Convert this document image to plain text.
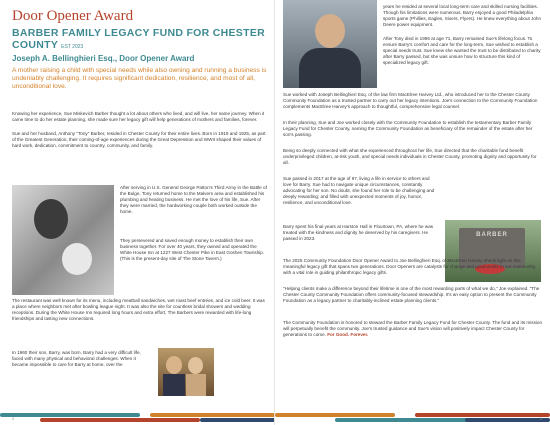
Door Opener Award
BARBER FAMILY LEGACY FUND FOR CHESTER COUNTY EST 2023
Joseph A. Bellinghieri Esq., Door Opener Award
A mother raising a child with special needs while also owning and running a business is undeniably challenging. It requires significant dedication, resilience, and most of all, unconditional love.
Knowing her experience, Sue Miskevich Barber thought a lot about others who lived, and will live, her same journey. When it came time to do her estate planning, she made sure her legacy gift will help generations of mothers and families, forever.
Sue and her husband, Anthony "Tony" Barber, resided in Chester County for their entire lives. Born in 1919 and 1925, as part of the Greatest Generation, their coming-of-age experiences during the Great Depression and WWII shaped their values of hard work, dedication, commitment to country, community, and family.
After serving in U.S. General George Patton's Third Army in the Battle of the Bulge, Tony returned home to the Malvern area and established his plumbing and heating business. He met the love of his life, Sue. After they were married, the hardworking couple both worked outside the home.
They persevered and saved enough money to establish their own business together. For over 40 years, they owned and operated the White House Inn at 1227 West Chester Pike in East Goshen Township. (This is the present-day site of The Stone Tavern.)
The restaurant was well known for its menu, including meatball sandwiches, wet roast beef entrées, and ice cold beer. It was a place where neighbors met after bowling league night. It was also the site for countless bridal showers and wedding receptions. During the White House Inn required long hours and extra effort, The Barbers were rewarded with life-long friendships and lasting new connections.
In 1960 their son, Barry, was born. Barry had a very difficult life, faced with many physical and behavioral challenges. When it became impossible to care for Barry at home, over the
2
years he resided at several local long-term care and skilled nursing facilities. Though his limitations were numerous, Barry enjoyed a good Philadelphia sports game (Phillies, Eagles, Sixers, Flyers). He knew everything about John Deere power equipment.
After Tony died in 1996 at age 71, Barry remained Sue's lifelong focus. To ensure Barry's comfort and care for the long-term, Sue wished to establish a special needs trust. Sue knew she wanted the trust to be distributed to charity after Barry passed, but she was unsure how to structure this kind of specialized legacy gift.
Sue worked with Joseph Bellinghieri Esq. of the law firm MacElree Harvey Ltd., who introduced her to the Chester County Community Foundation as a trusted partner to carry out her legacy intentions. Joe's connection to the Community Foundation complements MacElree Harvey's approach to thoughtful, comprehensive legal counsel.
In their planning, Sue and Joe worked closely with the Community Foundation to establish the testamentary Barber Family Legacy Fund for Chester County, naming the Community Foundation as beneficiary of the remainder of the estate after her son's passing.
Being so deeply connected with what she experienced throughout her life, Sue directed that the charitable fund benefit underprivileged children, at-risk youth, and special needs individuals in Chester County, promoting dignity and opportunity for all.
Sue passed in 2017 at the age of 97, living a life in service to others and love for Barry. Sue had to navigate unique circumstances, constantly advocating for her son. No doubt, she found her role to be challenging and deeply rewarding; and filled with unexpected moments of joy, humor, resilience, and unconditional love.
BARBER
Barry spent his final years at Harston Hall in Flourtown, PA, where he was treated with the kindness and dignity he deserved by his caregivers. He passed in 2023.
The 2025 Community Foundation Door Opener Award to Joe Bellinghieri Esq. of MacElree Harvey sheds light on this meaningful legacy gift that spans two generations. Door Openers are catalysts for change and good works in our community, with a vital role in guiding philanthropic legacy gifts.
"Helping clients make a difference beyond their lifetime is one of the most rewarding parts of what we do," Joe explained. "The Chester County Community Foundation offers community-focused stewardship. It's an easy option to present the Community Foundation as a legacy partner to charitably-inclined estate planning clients."
The Community Foundation is honored to steward the Barber Family Legacy Fund for Chester County. The fund and its mission will perpetually benefit the community. Joe's trusted guidance and Sue's vision will positively impact Chester County for generations to come. For Good. Forever.
3
